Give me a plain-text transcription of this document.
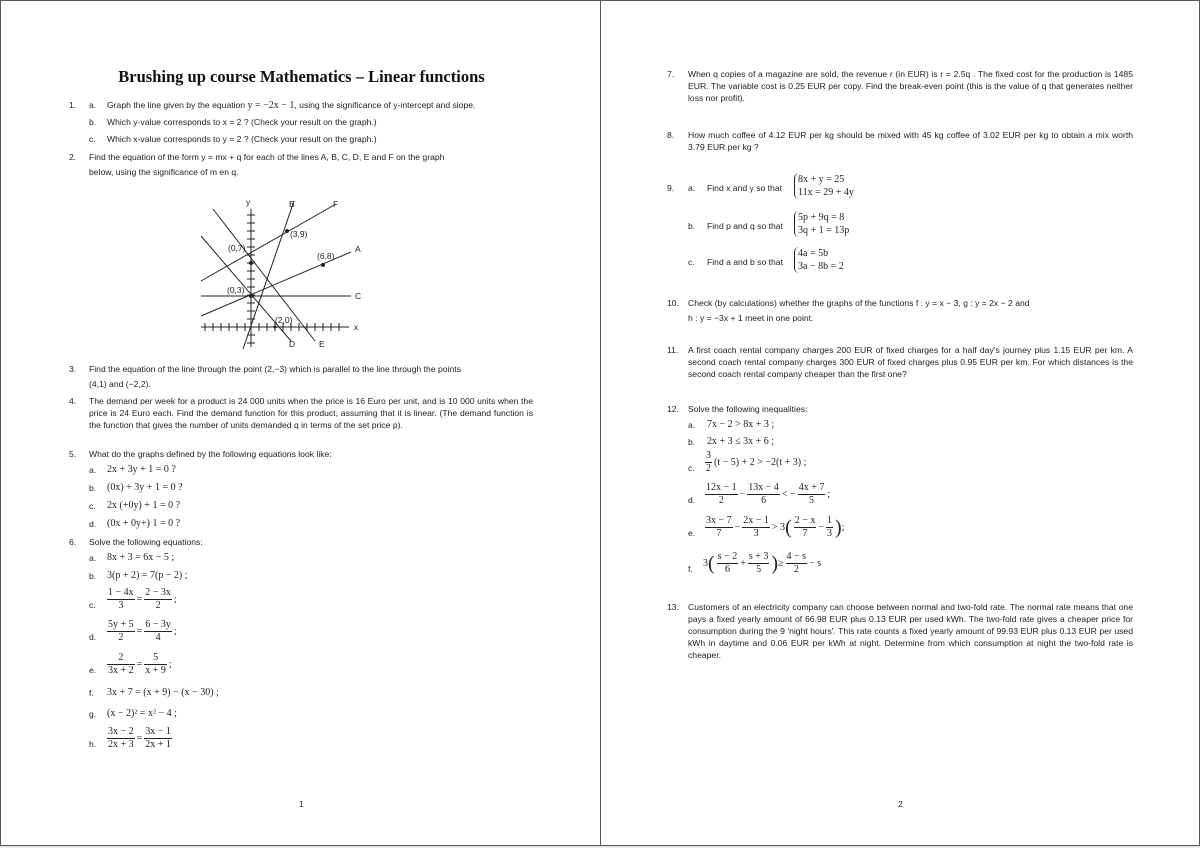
Brushing up course Mathematics – Linear functions
1. a. Graph the line given by the equation y = −2x − 1, using the significance of y-intercept and slope.
b. Which y-value corresponds to x = 2 ? (Check your result on the graph.)
c. Which x-value corresponds to y = 2 ? (Check your result on the graph.)
2. Find the equation of the form y = mx + q for each of the lines A, B, C, D, E and F on the graph
below, using the significance of m en q.
y
x
(0,3)
(0,7)
(3,9)
(6,8)
(2,0)
A
B
C
D	E
F
3. Find the equation of the line through the point (2,−3) which is parallel to the line through the points
(4,1) and (−2,2).
4. The demand per week for a product is 24 000 units when the price is 16 Euro per unit, and is 10 000 units when the price is 24 Euro each. Find the demand function for this product, assuming that it is linear. (The demand function is the function that gives the number of units demanded q in terms of the set price p).
5. What do the graphs defined by the following equations look like:
a. 2x + 3y + 1 = 0 ?
b. (0x) + 3y + 1 = 0 ?
c. 2x (+0y) + 1 = 0 ?
d. (0x + 0y+) 1 = 0 ?
6. Solve the following equations:
a. 8x + 3 = 6x − 5 ;
b. 3(p + 2) = 7(p − 2) ;
c. $\frac{1 - 4x}{3} = \frac{2 - 3x}{2}$ ;
d. $\frac{5y + 5}{2} = \frac{6 - 3y}{4}$ ;
e. $\frac{2}{3x + 2} = \frac{5}{x + 9}$ ;
f. 3x + 7 = (x + 9) − (x − 30) ;
g. (x − 2)² = x² − 4 ;
h. $\frac{3x - 2}{2x + 3} = \frac{3x - 1}{2x + 1}$
1
7. When q copies of a magazine are sold, the revenue r (in EUR) is r = 2.5q . The fixed cost for the production is 1485 EUR. The variable cost is 0.25 EUR per copy. Find the break-even point (this is the value of q that generates neither loss nor profit).
8. How much coffee of 4.12 EUR per kg should be mixed with 45 kg coffee of 3.02 EUR per kg to obtain a mix worth 3.79 EUR per kg ?
9. a. Find x and y so that
8x + y = 25
11x = 29 + 4y
b. Find p and q so that
5p + 9q = 8
3q + 1 = 13p
c. Find a and b so that
4a = 5b
3a − 8b = 2
10. Check (by calculations) whether the graphs of the functions f : y = x − 3, g : y = 2x − 2 and
h : y = −3x + 1 meet in one point.
11. A first coach rental company charges 200 EUR of fixed charges for a half day's journey plus 1.15 EUR per km. A second coach rental company charges 300 EUR of fixed charges plus 0.95 EUR per km. For which distances is the second coach rental company cheaper than the first one?
12. Solve the following inequalities:
a. 7x − 2 > 8x + 3 ;
b. 2x + 3 ≤ 3x + 6 ;
c. $\frac{3}{2} (t - 5) + 2 > -2(t + 3)$ ;
d. $\frac{12x - 1}{2} - \frac{13x - 4}{6}$ < − $\frac{4x + 7}{5}$ ;
e. $\frac{3x - 7}{7} - \frac{2x - 1}{3} > 3( \frac{2 - x}{7} - \frac{1}{3}$ );
f.
$3( \frac{s - 2}{6} + \frac{s + 3}{5}$ )≥ $\frac{4 - s}{2} - s$
13. Customers of an electricity company can choose between normal and two-fold rate. The normal rate means that one pays a fixed yearly amount of 66.98 EUR plus 0.13 EUR per used kWh. The two-fold rate gives a cheaper price for consumption during the 9 'night hours'. This rate counts a fixed yearly amount of 99.93 EUR plus 0.13 EUR per used kWh in daytime and 0.06 EUR per kWh at night. Determine from which consumption at night the two-fold rate is cheaper.
2
